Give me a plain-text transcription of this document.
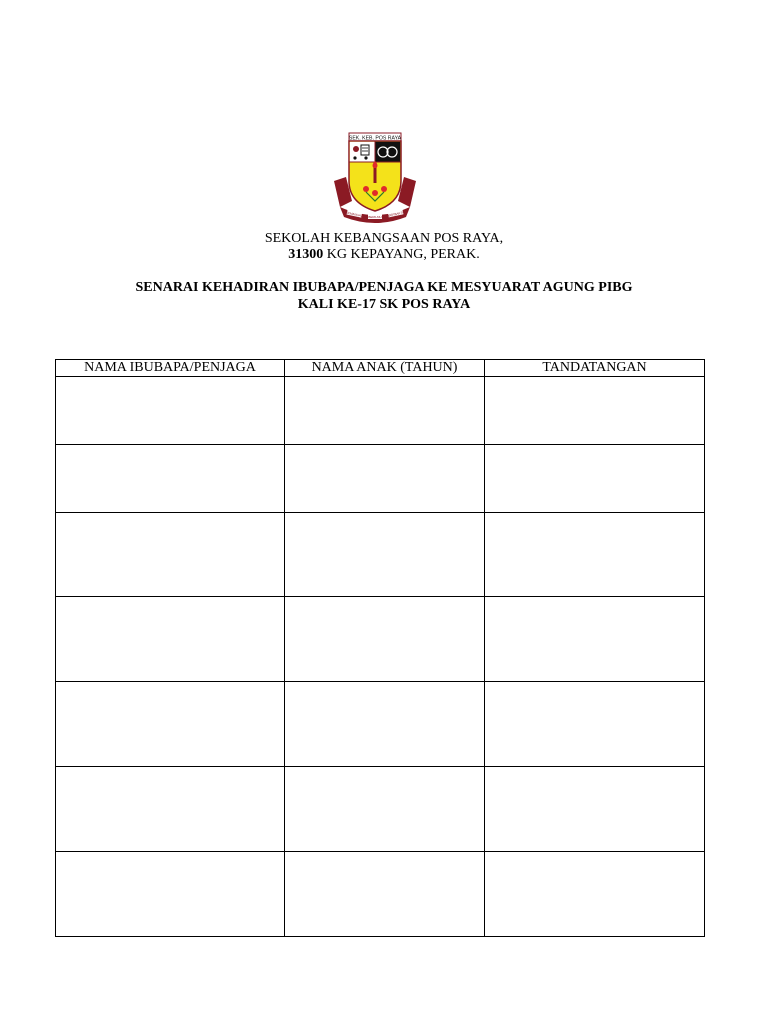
SEK. KEB. POS RAYA
SEMANGAT BERILMU BERBAKTI
SEKOLAH KEBANGSAAN POS RAYA,
31300 KG KEPAYANG, PERAK.
SENARAI KEHADIRAN IBUBAPA/PENJAGA KE MESYUARAT AGUNG PIBG
KALI KE-17 SK POS RAYA
NAMA IBUBAPA/PENJAGA	NAMA ANAK (TAHUN)	TANDATANGAN
